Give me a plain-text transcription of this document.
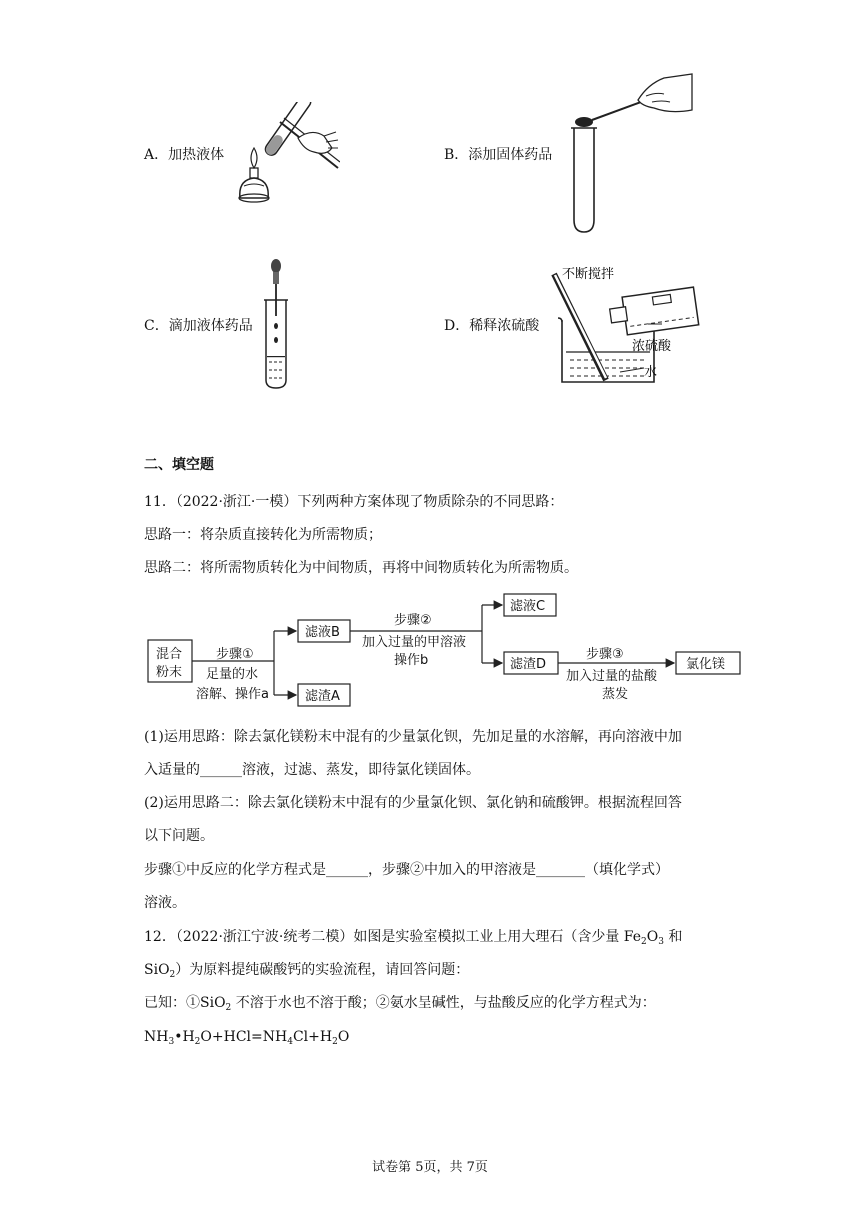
A．加热液体	B．添加固体药品
C．滴加液体药品	D．稀释浓硫酸
不断搅拌
浓硫酸
水
二、填空题
11．（2022·浙江·一模）下列两种方案体现了物质除杂的不同思路：
思路一：将杂质直接转化为所需物质；
思路二：将所需物质转化为中间物质，再将中间物质转化为所需物质。
混合
粉末
步骤①
足量的水
溶解、操作a
滤液B
滤渣A
步骤②
加入过量的甲溶液
操作b
滤液C
滤渣D
步骤③
加入过量的盐酸
蒸发
氯化镁
(1)运用思路：除去氯化镁粉末中混有的少量氯化钡，先加足量的水溶解，再向溶液中加
入适量的______溶液，过滤、蒸发，即待氯化镁固体。
(2)运用思路二：除去氯化镁粉末中混有的少量氯化钡、氯化钠和硫酸钾。根据流程回答
以下问题。
步骤①中反应的化学方程式是______，步骤②中加入的甲溶液是_______（填化学式）
溶液。
12．（2022·浙江宁波·统考二模）如图是实验室模拟工业上用大理石（含少量 $Fe_2O_3$ 和
SiO$_2$）为原料提纯碳酸钙的实验流程，请回答问题：
已知：①SiO$_2$ 不溶于水也不溶于酸；②氨水呈碱性，与盐酸反应的化学方程式为：
$NH_3•H_2O+HCl=NH_4Cl+H_2O$
试卷第 5页，共 7页
